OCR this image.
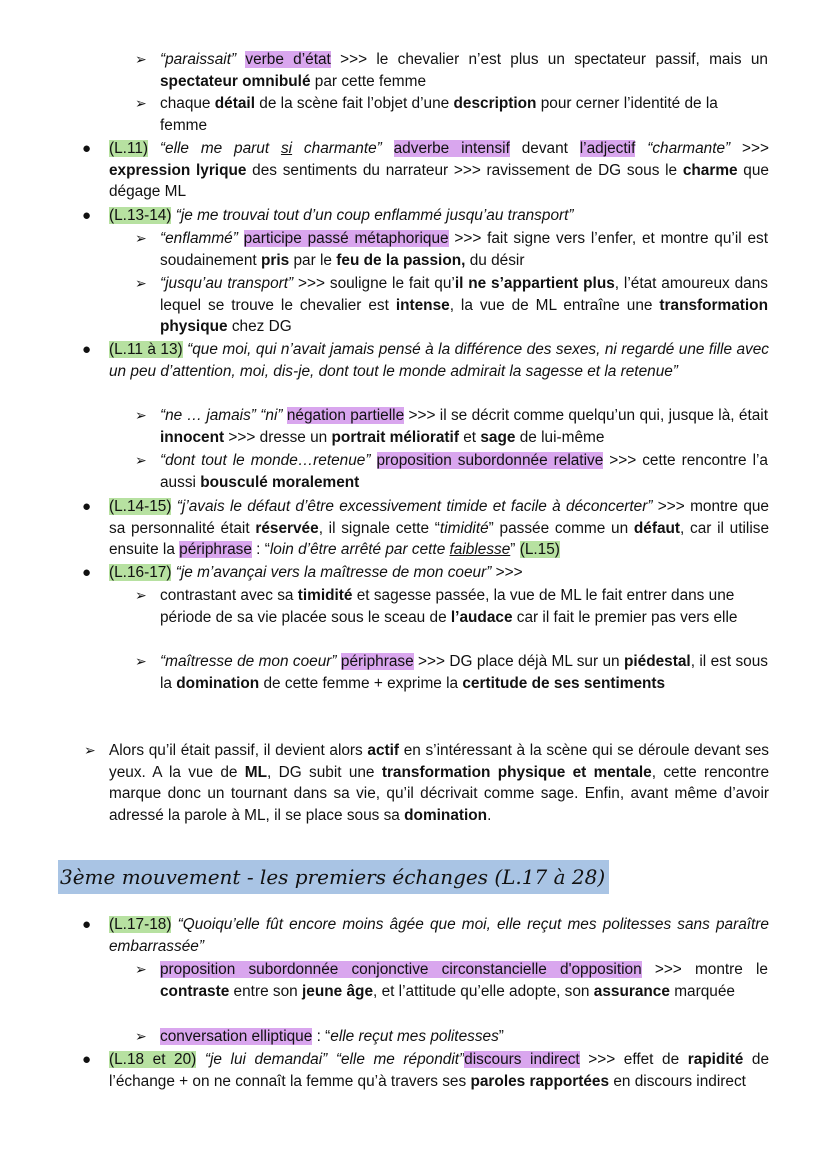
➢ “paraissait” verbe d’état >>> le chevalier n’est plus un spectateur passif, mais un spectateur omnibulé par cette femme

➢ chaque détail de la scène fait l’objet d’une description pour cerner l’identité de la femme

● (L.11) “elle me parut si charmante” adverbe intensif devant l’adjectif “charmante” >>> expression lyrique des sentiments du narrateur >>> ravissement de DG sous le charme que dégage ML

● (L.13-14) “je me trouvai tout d’un coup enflammé jusqu’au transport”

➢ “enflammé” participe passé métaphorique >>> fait signe vers l’enfer, et montre qu’il est soudainement pris par le feu de la passion, du désir

➢ “jusqu’au transport” >>> souligne le fait qu’il ne s’appartient plus, l’état amoureux dans lequel se trouve le chevalier est intense, la vue de ML entraîne une transformation physique chez DG

● (L.11 à 13) “que moi, qui n’avait jamais pensé à la différence des sexes, ni regardé une fille avec un peu d’attention, moi, dis-je, dont tout le monde admirait la sagesse et la retenue”

➢ “ne … jamais” “ni” négation partielle >>> il se décrit comme quelqu’un qui, jusque là, était innocent >>> dresse un portrait mélioratif et sage de lui-même

➢ “dont tout le monde…retenue” proposition subordonnée relative >>> cette rencontre l’a aussi bousculé moralement

● (L.14-15) “j’avais le défaut d’être excessivement timide et facile à déconcerter” >>> montre que sa personnalité était réservée, il signale cette “timidité” passée comme un défaut, car il utilise ensuite la périphrase : “loin d’être arrêté par cette faiblesse” (L.15)

● (L.16-17) “je m’avançai vers la maîtresse de mon coeur” >>>

➢ contrastant avec sa timidité et sagesse passée, la vue de ML le fait entrer dans une période de sa vie placée sous le sceau de l’audace car il fait le premier pas vers elle

➢ “maîtresse de mon coeur” périphrase >>> DG place déjà ML sur un piédestal, il est sous la domination de cette femme + exprime la certitude de ses sentiments

➢ Alors qu’il était passif, il devient alors actif en s’intéressant à la scène qui se déroule devant ses yeux. A la vue de ML, DG subit une transformation physique et mentale, cette rencontre marque donc un tournant dans sa vie, qu’il décrivait comme sage. Enfin, avant même d’avoir adressé la parole à ML, il se place sous sa domination.

3ème mouvement - les premiers échanges (L.17 à 28)
● (L.17-18) “Quoiqu’elle fût encore moins âgée que moi, elle reçut mes politesses sans paraître embarrassée”

➢ proposition subordonnée conjonctive circonstancielle d'opposition >>> montre le contraste entre son jeune âge, et l’attitude qu’elle adopte, son assurance marquée

➢ conversation elliptique : “elle reçut mes politesses”

● (L.18 et 20) “je lui demandai” “elle me répondit”discours indirect >>> effet de rapidité de l’échange + on ne connaît la femme qu’à travers ses paroles rapportées en discours indirect
